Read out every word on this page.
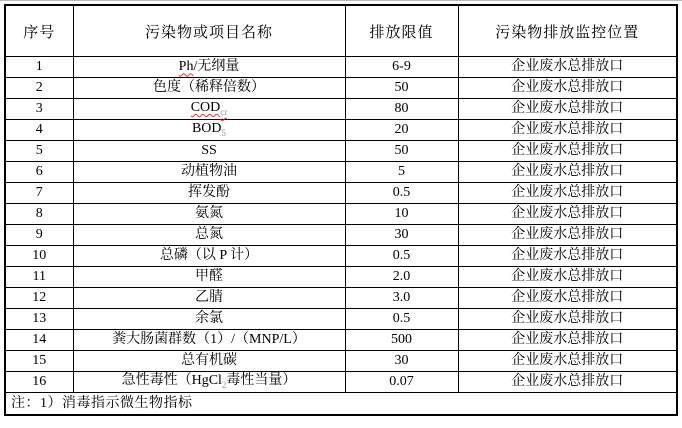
序号	污染物或项目名称	排放限值	污染物排放监控位置
1	Ph/无纲量	6-9	企业废水总排放口
2	色度（稀释倍数）	50	企业废水总排放口
3	$COD_{cr}$	80	企业废水总排放口
4	$BOD_5$	20	企业废水总排放口
5	SS	50	企业废水总排放口
6	动植物油	5	企业废水总排放口
7	挥发酚	0.5	企业废水总排放口
8	氨氮	10	企业废水总排放口
9	总氮	30	企业废水总排放口
10	总磷（以 P 计）	0.5	企业废水总排放口
11	甲醛	2.0	企业废水总排放口
12	乙腈	3.0	企业废水总排放口
13	余氯	0.5	企业废水总排放口
14	粪大肠菌群数（1）/（MNP/L）	500	企业废水总排放口
15	总有机碳	30	企业废水总排放口
16	急性毒性（HgCl$_2$毒性当量）	0.07	企业废水总排放口
注：1）消毒指示微生物指标			
